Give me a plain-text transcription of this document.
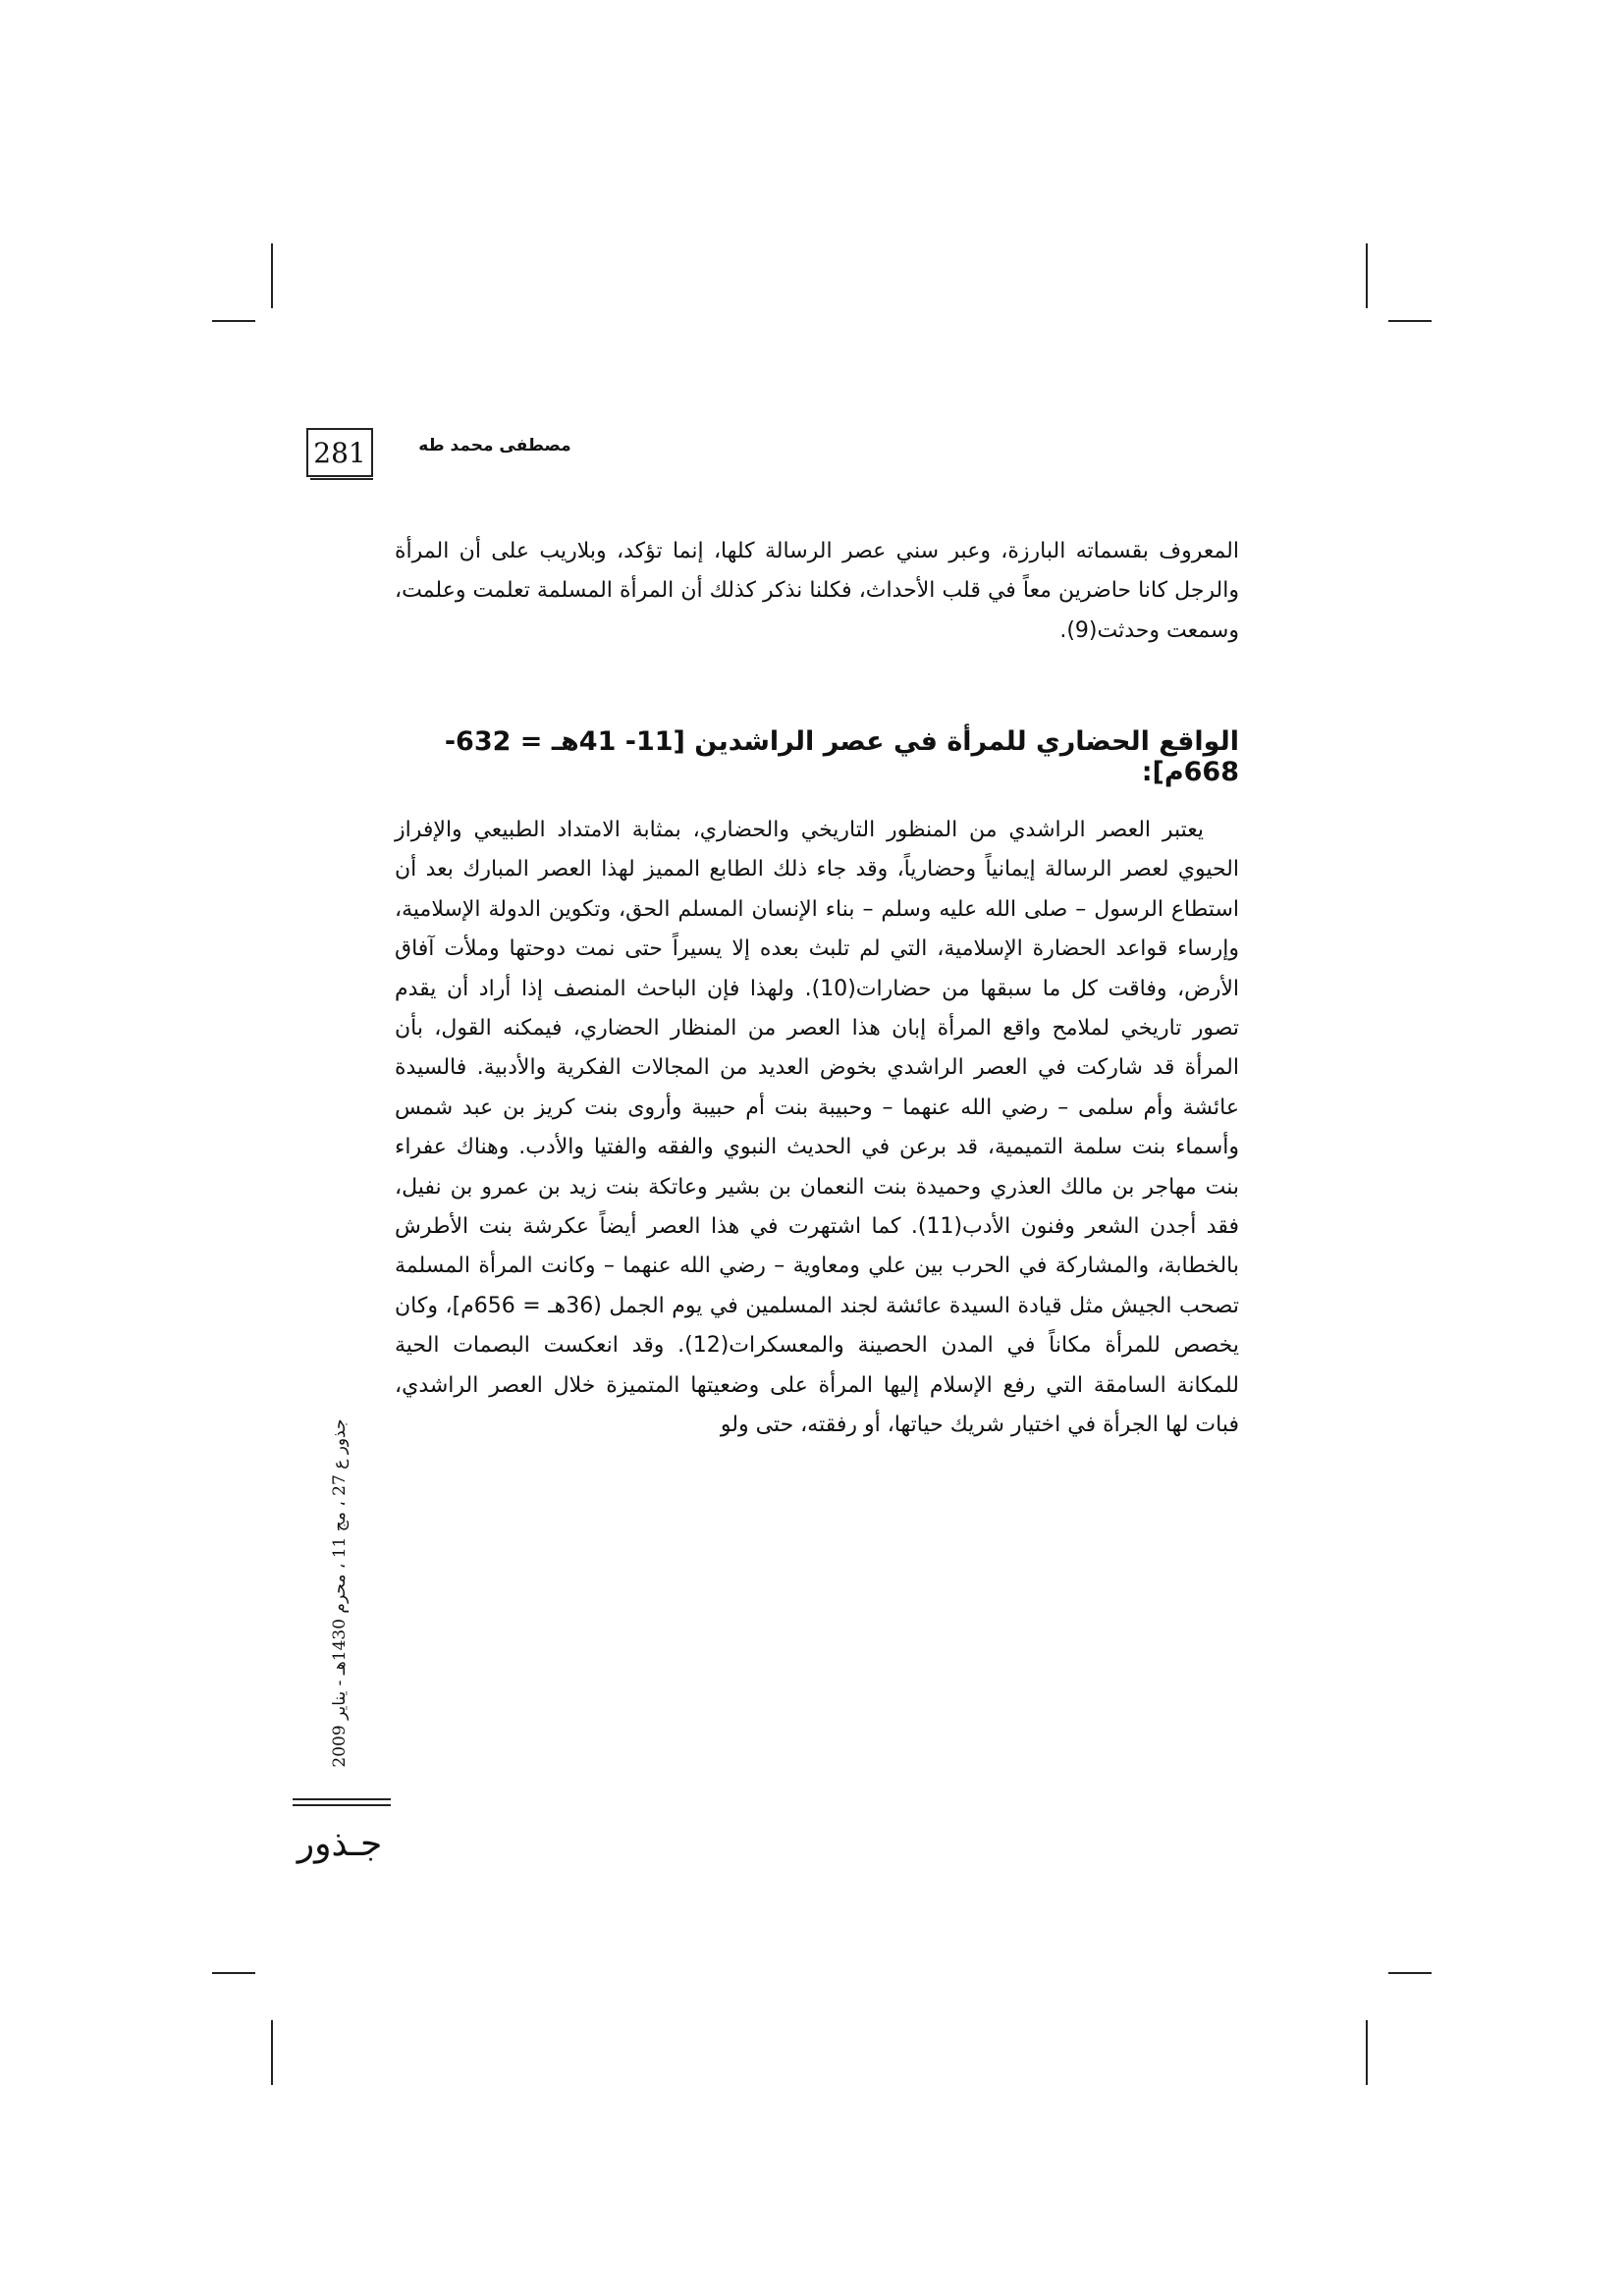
281	مصطفى محمد طه

المعروف بقسماته البارزة، وعبر سني عصر الرسالة كلها، إنما تؤكد، وبلاريب على أن المرأة والرجل كانا حاضرين معاً في قلب الأحداث، فكلنا نذكر كذلك أن المرأة المسلمة تعلمت وعلمت، وسمعت وحدثت(9).

الواقع الحضاري للمرأة في عصر الراشدين [11- 41هـ = 632-668م]:

يعتبر العصر الراشدي من المنظور التاريخي والحضاري، بمثابة الامتداد الطبيعي والإفراز الحيوي لعصر الرسالة إيمانياً وحضارياً، وقد جاء ذلك الطابع المميز لهذا العصر المبارك بعد أن استطاع الرسول – صلى الله عليه وسلم – بناء الإنسان المسلم الحق، وتكوين الدولة الإسلامية، وإرساء قواعد الحضارة الإسلامية، التي لم تلبث بعده إلا يسيراً حتى نمت دوحتها وملأت آفاق الأرض، وفاقت كل ما سبقها من حضارات(10). ولهذا فإن الباحث المنصف إذا أراد أن يقدم تصور تاريخي لملامح واقع المرأة إبان هذا العصر من المنظار الحضاري، فيمكنه القول، بأن المرأة قد شاركت في العصر الراشدي بخوض العديد من المجالات الفكرية والأدبية. فالسيدة عائشة وأم سلمى – رضي الله عنهما – وحبيبة بنت أم حبيبة وأروى بنت كريز بن عبد شمس وأسماء بنت سلمة التميمية، قد برعن في الحديث النبوي والفقه والفتيا والأدب. وهناك عفراء بنت مهاجر بن مالك العذري وحميدة بنت النعمان بن بشير وعاتكة بنت زيد بن عمرو بن نفيل، فقد أجدن الشعر وفنون الأدب(11). كما اشتهرت في هذا العصر أيضاً عكرشة بنت الأطرش بالخطابة، والمشاركة في الحرب بين علي ومعاوية – رضي الله عنهما – وكانت المرأة المسلمة تصحب الجيش مثل قيادة السيدة عائشة لجند المسلمين في يوم الجمل (36هـ = 656م]، وكان يخصص للمرأة مكاناً في المدن الحصينة والمعسكرات(12). وقد انعكست البصمات الحية للمكانة السامقة التي رفع الإسلام إليها المرأة على وضعيتها المتميزة خلال العصر الراشدي، فبات لها الجرأة في اختيار شريك حياتها، أو رفقته، حتى ولو

جذور ع 27 ، مج 11 ، محرم 1430هـ - يناير 2009
جـذور
